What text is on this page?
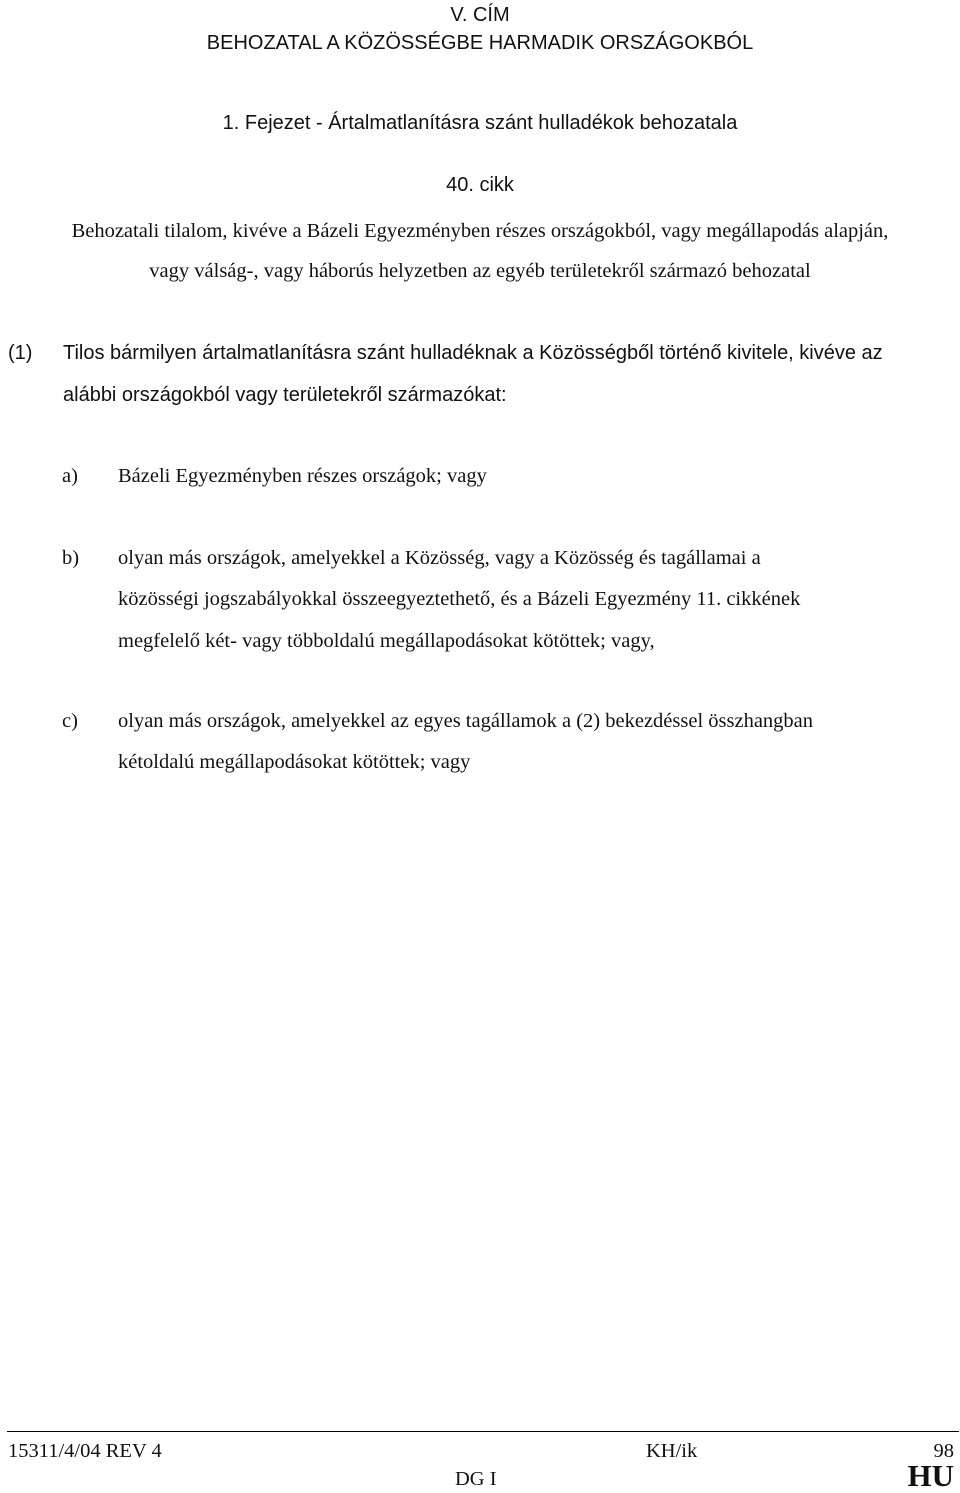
V. CÍM
BEHOZATAL A KÖZÖSSÉGBE HARMADIK ORSZÁGOKBÓL
1. Fejezet - Ártalmatlanításra szánt hulladékok behozatala
40. cikk
Behozatali tilalom, kivéve a Bázeli Egyezményben részes országokból, vagy megállapodás alapján,
vagy válság-, vagy háborús helyzetben az egyéb területekről származó behozatal
(1) Tilos bármilyen ártalmatlanításra szánt hulladéknak a Közösségből történő kivitele, kivéve az
alábbi országokból vagy területekről származókat:
a) Bázeli Egyezményben részes országok; vagy
b) olyan más országok, amelyekkel a Közösség, vagy a Közösség és tagállamai a
közösségi jogszabályokkal összeegyeztethető, és a Bázeli Egyezmény 11. cikkének
megfelelő két- vagy többoldalú megállapodásokat kötöttek; vagy,
c) olyan más országok, amelyekkel az egyes tagállamok a (2) bekezdéssel összhangban
kétoldalú megállapodásokat kötöttek; vagy
15311/4/04 REV 4	KH/ik	98
DG I	HU
